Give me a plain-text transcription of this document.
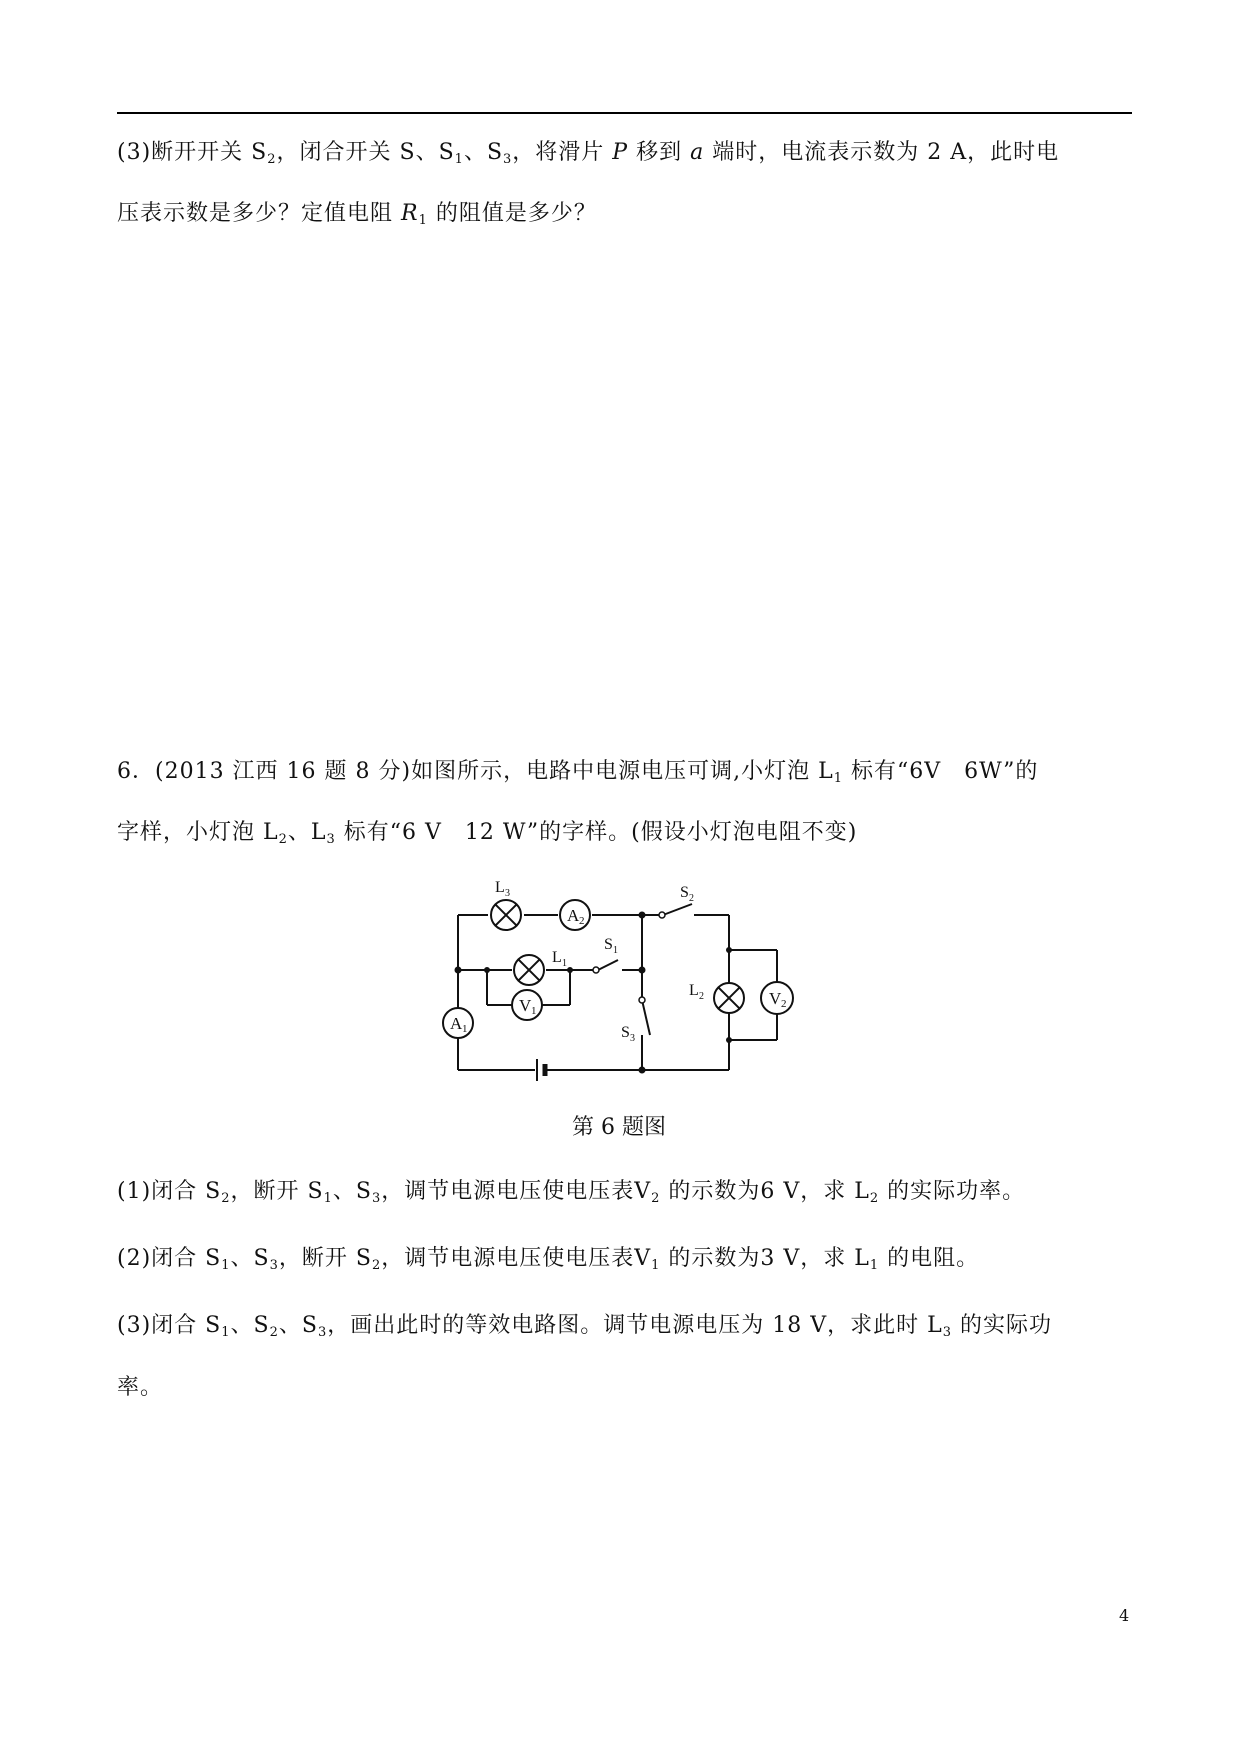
(3)断开开关 $S_2$，闭合开关 S、$S_1$、$S_3$，将滑片 P 移到 a 端时，电流表示数为 2 A，此时电
压表示数是多少？定值电阻 $R_1$ 的阻值是多少？
6．(2013 江西 16 题 8 分)如图所示，电路中电源电压可调,小灯泡 $L_1$ 标有“6V　6W”的
字样，小灯泡 $L_2$、$L_3$ 标有“6 V　12 W”的字样。(假设小灯泡电阻不变)
A 2
V 1
A 1
V 2
L 3
L 1
S 1
S 2
S 3
L 2
第 6 题图
(1)闭合 $S_2$，断开 $S_1$、$S_3$，调节电源电压使电压表$V_2$ 的示数为6 V，求 $L_2$ 的实际功率。
(2)闭合 $S_1$、$S_3$，断开 $S_2$，调节电源电压使电压表$V_1$ 的示数为3 V，求 $L_1$ 的电阻。
(3)闭合 $S_1$、$S_2$、$S_3$，画出此时的等效电路图。调节电源电压为 18 V，求此时 $L_3$ 的实际功
率。
4
